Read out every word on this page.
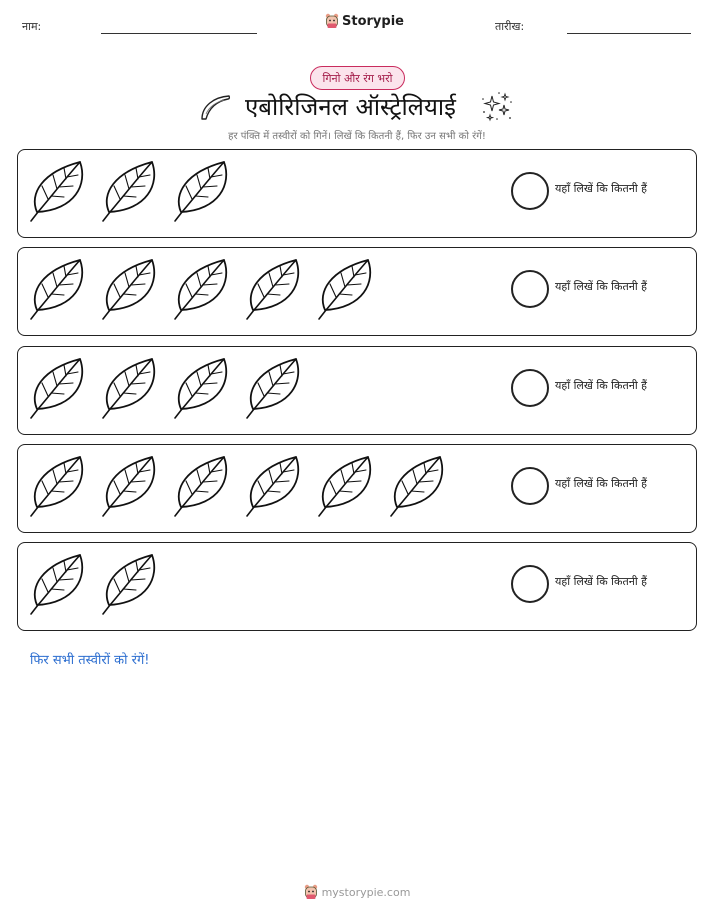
नाम:	Storypie	तारीख:
गिनो और रंग भरो
एबोरिजिनल ऑस्ट्रेलियाई
हर पंक्ति में तस्वीरों को गिनें। लिखें कि कितनी हैं, फिर उन सभी को रंगें!
यहाँ लिखें कि कितनी हैं
यहाँ लिखें कि कितनी हैं
यहाँ लिखें कि कितनी हैं
यहाँ लिखें कि कितनी हैं
यहाँ लिखें कि कितनी हैं
फिर सभी तस्वीरों को रंगें!
mystorypie.com
